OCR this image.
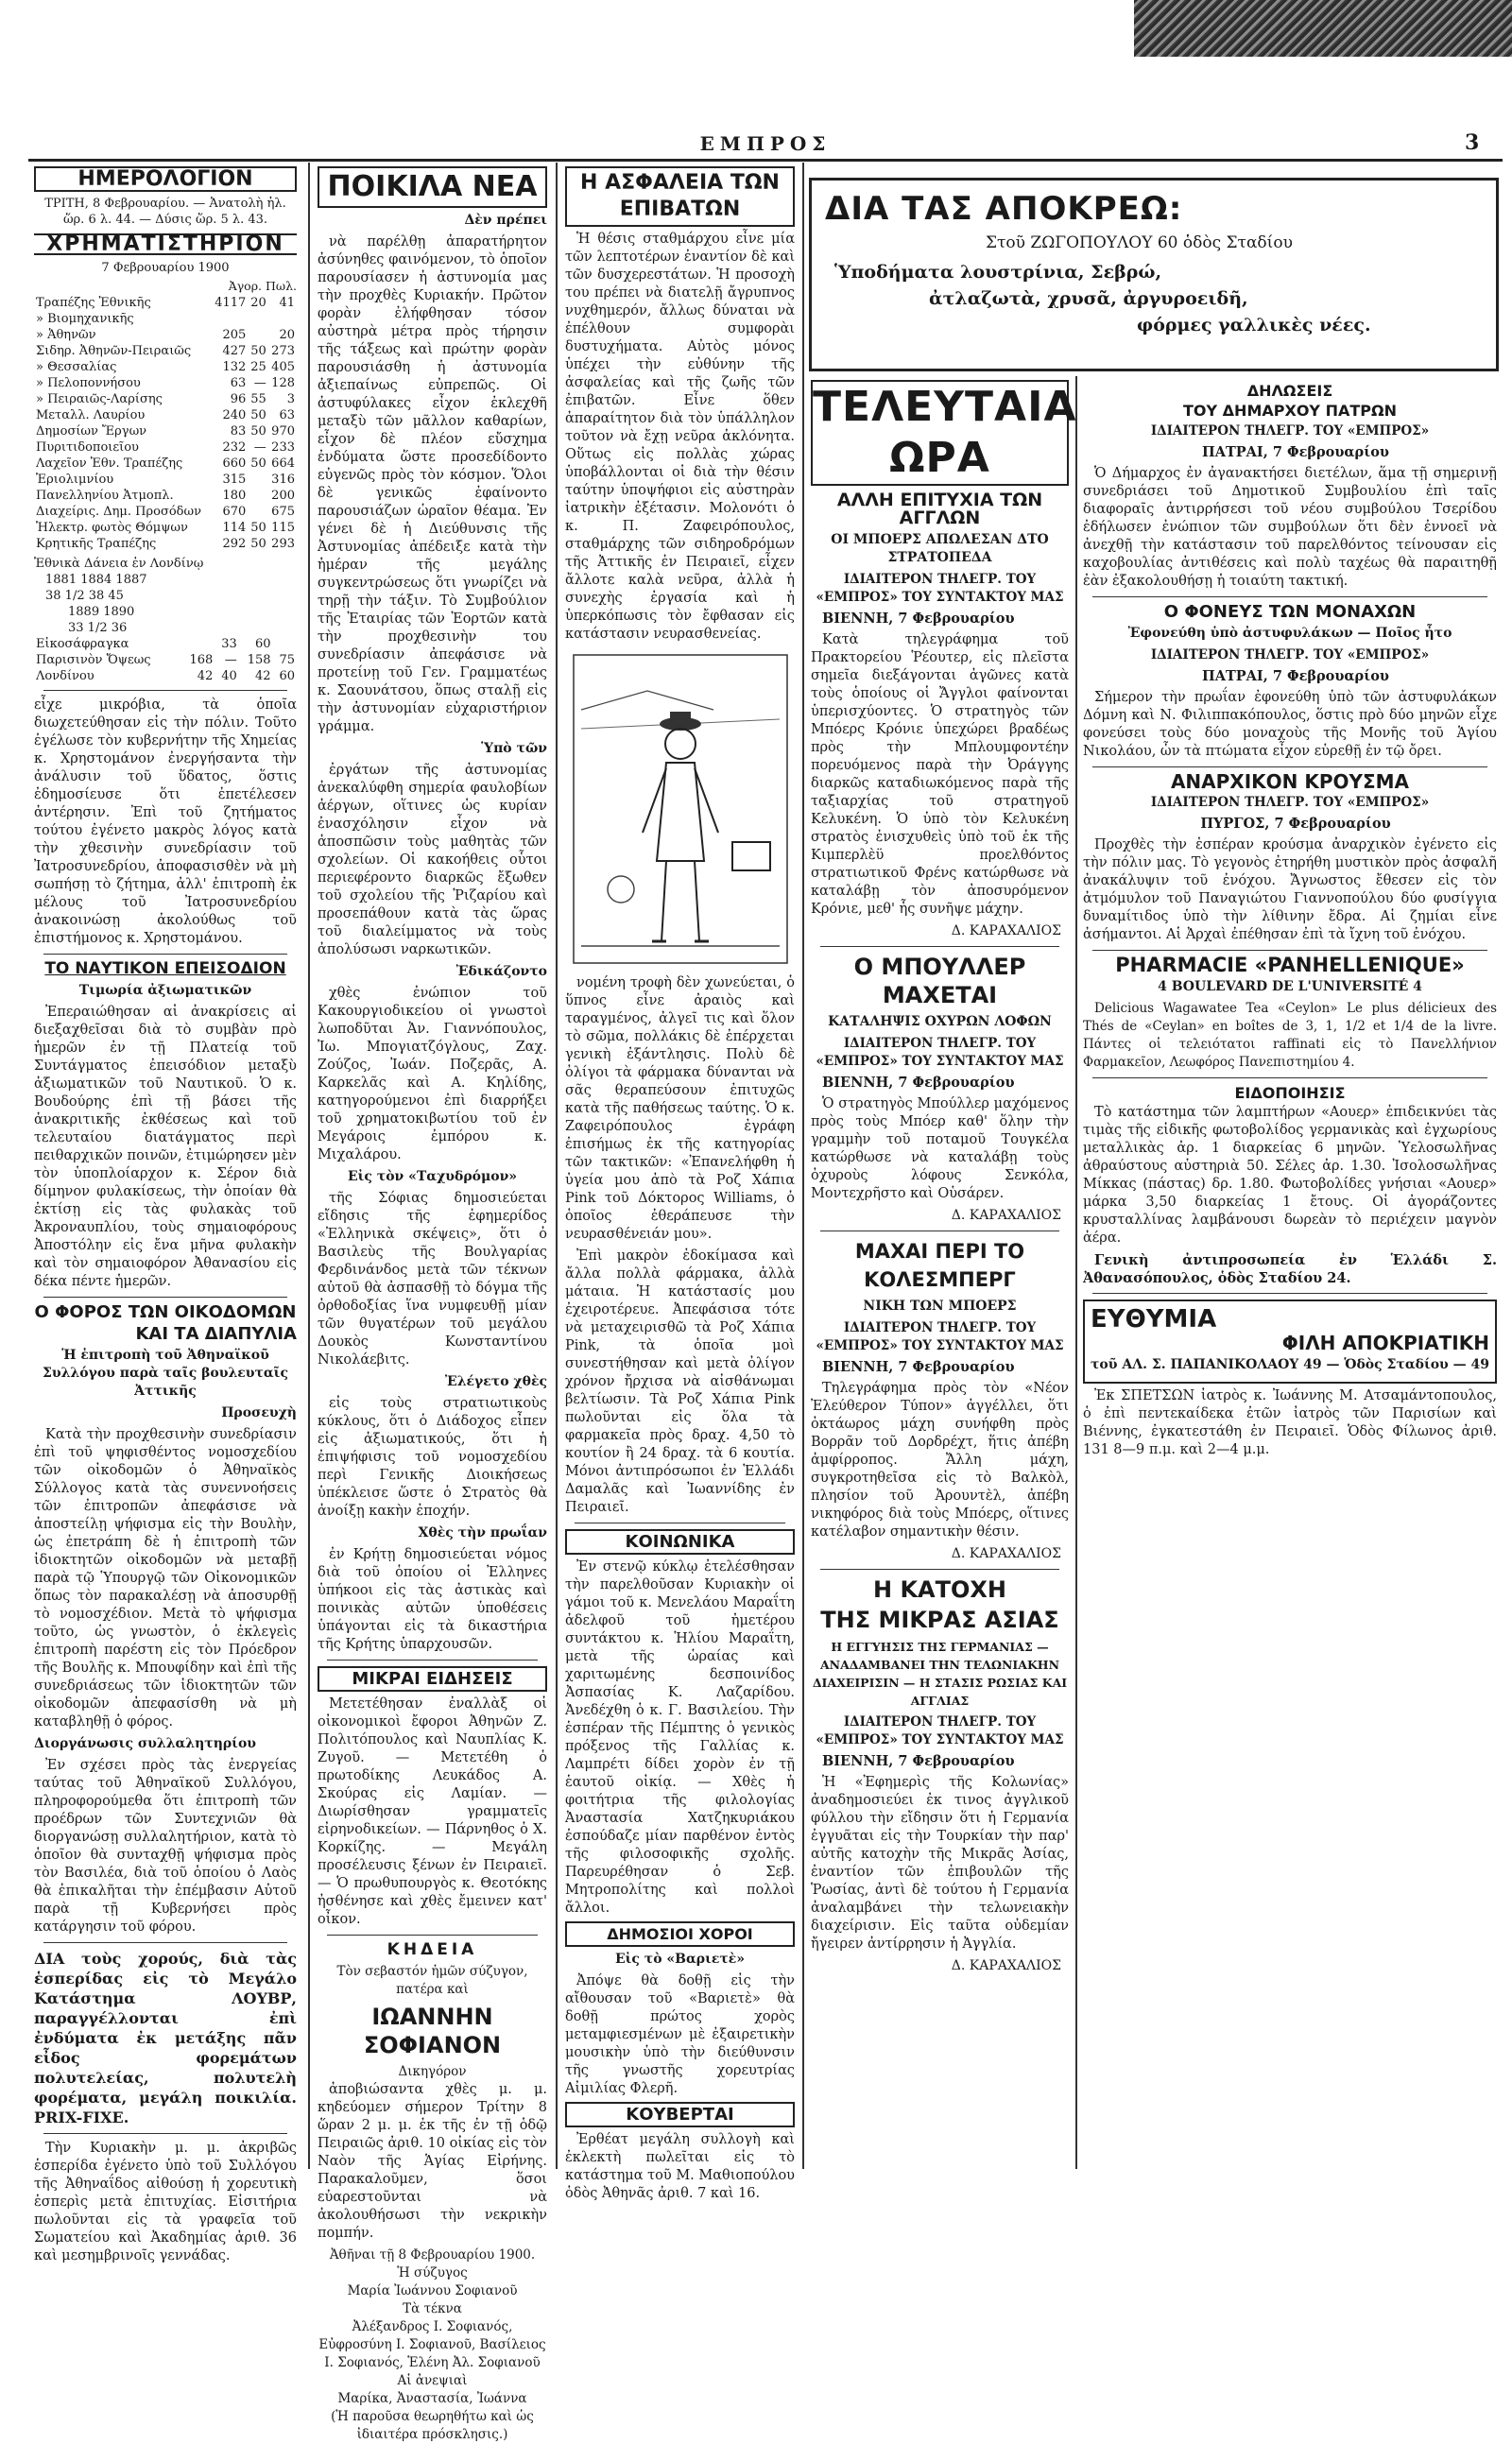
ΕΜΠΡΟΣ	3
ΗΜΕΡΟΛΟΓΙΟΝ
ΤΡΙΤΗ, 8 Φεβρουαρίου. — Ἀνατολὴ ἡλ. ὥρ. 6 λ. 44. — Δύσις ὥρ. 5 λ. 43.
ΧΡΗΜΑΤΙΣΤΗΡΙΟΝ
7 Φεβρουαρίου 1900
Ἀγορ. Πωλ.
Τραπέζης Ἐθνικῆς	4117	20	41
» Βιομηχανικῆς			
» Ἀθηνῶν	205		20
Σιδηρ. Ἀθηνῶν-Πειραιῶς	427	50	273
» Θεσσαλίας	132	25	405
» Πελοποννήσου	63	—	128
» Πειραιῶς-Λαρίσης	96	55	3
Μεταλλ. Λαυρίου	240	50	63
Δημοσίων Ἔργων	83	50	970
Πυριτιδοποιεῖου	232	—	233
Λαχεῖον Ἐθν. Τραπέζης	660	50	664
Ἐριολιμνίου	315		316
Πανελληνίου Ἀτμοπλ.	180		200
Διαχείρις. Δημ. Προσόδων	670		675
Ἠλεκτρ. φωτὸς Θόμψων	114	50	115
Κρητικῆς Τραπέζης	292	50	293
Ἐθνικὰ Δάνεια ἐν Λονδίνῳ
1881 1884 1887
38 1/2 38 45
1889 1890
33 1/2 36
Εἰκοσάφραγκα		33	60	
Παρισινὸν Ὄψεως	168	—	158	75
Λονδίνου	42	40	42	60
εἶχε μικρόβια, τὰ ὁποῖα διωχετεύθησαν εἰς τὴν πόλιν. Τοῦτο ἐγέλωσε τὸν κυβερνήτην τῆς Χημείας κ. Χρηστομάνον ἐνεργήσαντα τὴν ἀνάλυσιν τοῦ ὕδατος, ὅστις ἐδημοσίευσε ὅτι ἐπετέλεσεν ἀντέρησιν. Ἐπὶ τοῦ ζητήματος τούτου ἐγένετο μακρὸς λόγος κατὰ τὴν χθεσινὴν συνεδρίασιν τοῦ Ἰατροσυνεδρίου, ἀποφασισθὲν νὰ μὴ σωπήσῃ τὸ ζήτημα, ἀλλ' ἐπιτροπὴ ἐκ μέλους τοῦ Ἰατροσυνεδρίου ἀνακοινώσῃ ἀκολούθως τοῦ ἐπιστήμονος κ. Χρηστομάνου.
ΤΟ ΝΑΥΤΙΚΟΝ ΕΠΕΙΣΟΔΙΟΝ
Τιμωρία ἀξιωματικῶν
Ἐπεραιώθησαν αἱ ἀνακρίσεις αἱ διεξαχθεῖσαι διὰ τὸ συμβὰν πρὸ ἡμερῶν ἐν τῇ Πλατείᾳ τοῦ Συντάγματος ἐπεισόδιον μεταξὺ ἀξιωματικῶν τοῦ Ναυτικοῦ. Ὁ κ. Βουδούρης ἐπὶ τῇ βάσει τῆς ἀνακριτικῆς ἐκθέσεως καὶ τοῦ τελευταίου διατάγματος περὶ πειθαρχικῶν ποινῶν, ἐτιμώρησεν μὲν τὸν ὑποπλοίαρχον κ. Σέρον διὰ δίμηνον φυλακίσεως, τὴν ὁποίαν θὰ ἐκτίσῃ εἰς τὰς φυλακὰς τοῦ Ἀκροναυπλίου, τοὺς σημαιοφόρους Ἀποστόλην εἰς ἔνα μῆνα φυλακὴν καὶ τὸν σημαιοφόρον Ἀθανασίου εἰς δέκα πέντε ἡμερῶν.
Ο ΦΟΡΟΣ ΤΩΝ ΟΙΚΟΔΟΜΩΝ
ΚΑΙ ΤΑ ΔΙΑΠΥΛΙΑ
Ἡ ἐπιτροπὴ τοῦ Ἀθηναϊκοῦ Συλλόγου παρὰ ταῖς βουλευταῖς Ἀττικῆς
Προσευχὴ
Κατὰ τὴν προχθεσινὴν συνεδρίασιν ἐπὶ τοῦ ψηφισθέντος νομοσχεδίου τῶν οἰκοδομῶν ὁ Ἀθηναϊκὸς Σύλλογος κατὰ τὰς συνεννοήσεις τῶν ἐπιτροπῶν ἀπεφάσισε νὰ ἀποστείλῃ ψήφισμα εἰς τὴν Βουλὴν, ὡς ἐπετράπη δὲ ἡ ἐπιτροπὴ τῶν ἰδιοκτητῶν οἰκοδομῶν νὰ μεταβῇ παρὰ τῷ Ὑπουργῷ τῶν Οἰκονομικῶν ὅπως τὸν παρακαλέσῃ νὰ ἀποσυρθῇ τὸ νομοσχέδιον. Μετὰ τὸ ψήφισμα τοῦτο, ὡς γνωστὸν, ὁ ἐκλεγεὶς ἐπιτροπὴ παρέστη εἰς τὸν Πρόεδρον τῆς Βουλῆς κ. Μπουφίδην καὶ ἐπὶ τῆς συνεδριάσεως τῶν ἰδιοκτητῶν τῶν οἰκοδομῶν ἀπεφασίσθη νὰ μὴ καταβληθῇ ὁ φόρος.
Διοργάνωσις συλλαλητηρίου
Ἐν σχέσει πρὸς τὰς ἐνεργείας ταύτας τοῦ Ἀθηναϊκοῦ Συλλόγου, πληροφορούμεθα ὅτι ἐπιτροπὴ τῶν προέδρων τῶν Συντεχνιῶν θὰ διοργανώσῃ συλλαλητήριον, κατὰ τὸ ὁποῖον θὰ συνταχθῇ ψήφισμα πρὸς τὸν Βασιλέα, διὰ τοῦ ὁποίου ὁ Λαὸς θὰ ἐπικαλῆται τὴν ἐπέμβασιν Αὐτοῦ παρὰ τῇ Κυβερνήσει πρὸς κατάργησιν τοῦ φόρου.
ΔΙΑ τοὺς χορούς, διὰ τὰς ἑσπερίδας εἰς τὸ Μεγάλο Κατάστημα ΛΟΥΒΡ, παραγγέλλονται ἐπὶ ἐνδύματα ἐκ μετάξης πᾶν εἶδος φορεμάτων πολυτελείας, πολυτελὴ φορέματα, μεγάλη ποικιλία. PRIX-FIXE.
Τὴν Κυριακὴν μ. μ. ἀκριβῶς ἑσπερίδα ἐγένετο ὑπὸ τοῦ Συλλόγου τῆς Ἀθηναΐδος αἰθούσῃ ἡ χορευτικὴ ἑσπερὶς μετὰ ἐπιτυχίας. Εἰσιτήρια πωλοῦνται εἰς τὰ γραφεῖα τοῦ Σωματείου καὶ Ἀκαδημίας ἀριθ. 36 καὶ μεσημβρινοῖς γεννάδας.
ΠΟΙΚΙΛΑ ΝΕΑ
Δὲν πρέπει
νὰ παρέλθῃ ἀπαρατήρητον ἀσύνηθες φαινόμενον, τὸ ὁποῖον παρουσίασεν ἡ ἀστυνομία μας τὴν προχθὲς Κυριακήν. Πρῶτον φορὰν ἐλήφθησαν τόσον αὐστηρὰ μέτρα πρὸς τήρησιν τῆς τάξεως καὶ πρώτην φορὰν παρουσιάσθη ἡ ἀστυνομία ἀξιεπαίνως εὐπρεπῶς. Οἱ ἀστυφύλακες εἶχον ἐκλεχθῆ μεταξὺ τῶν μᾶλλον καθαρίων, εἶχον δὲ πλέον εὔσχημα ἐνδύματα ὥστε προσεδίδοντο εὐγενῶς πρὸς τὸν κόσμον. Ὅλοι δὲ γενικῶς ἐφαίνοντο παρουσιάζων ὡραῖον θέαμα. Ἐν γένει δὲ ἡ Διεύθυνσις τῆς Ἀστυνομίας ἀπέδειξε κατὰ τὴν ἡμέραν τῆς μεγάλης συγκεντρώσεως ὅτι γνωρίζει νὰ τηρῇ τὴν τάξιν. Τὸ Συμβούλιον τῆς Ἑταιρίας τῶν Ἑορτῶν κατὰ τὴν προχθεσινὴν του συνεδρίασιν ἀπεφάσισε νὰ προτείνῃ τοῦ Γεν. Γραμματέως κ. Σαουνάτσου, ὅπως σταλῇ εἰς τὴν ἀστυνομίαν εὐχαριστήριον γράμμα.
Ὑπὸ τῶν
ἐργάτων τῆς ἀστυνομίας ἀνεκαλύφθη σημερία φαυλοβίων ἀέργων, οἵτινες ὡς κυρίαν ἐνασχόλησιν εἶχον νὰ ἀποσπῶσιν τοὺς μαθητὰς τῶν σχολείων. Οἱ κακοήθεις οὗτοι περιεφέροντο διαρκῶς ἔξωθεν τοῦ σχολείου τῆς Ῥιζαρίου καὶ προσεπάθουν κατὰ τὰς ὥρας τοῦ διαλείμματος νὰ τοὺς ἀπολύσωσι ναρκωτικῶν.
Ἐδικάζοντο
χθὲς ἐνώπιον τοῦ Κακουργιοδικείου οἱ γνωστοὶ λωποδῦται Ἀν. Γιαννόπουλος, Ἰω. Μπογιατζόγλους, Ζαχ. Ζούζος, Ἰωάν. Ποζερᾶς, Α. Καρκελᾶς καὶ Α. Κηλίδης, κατηγορούμενοι ἐπὶ διαρρήξει τοῦ χρηματοκιβωτίου τοῦ ἐν Μεγάροις ἐμπόρου κ. Μιχαλάρου.
Εἰς τὸν «Ταχυδρόμον»
τῆς Σόφιας δημοσιεύεται εἴδησις τῆς ἐφημερίδος «Ἐλληνικὰ σκέψεις», ὅτι ὁ Βασιλεὺς τῆς Βουλγαρίας Φερδινάνδος μετὰ τῶν τέκνων αὐτοῦ θὰ ἀσπασθῇ τὸ δόγμα τῆς ὀρθοδοξίας ἵνα νυμφευθῇ μίαν τῶν θυγατέρων τοῦ μεγάλου Δουκὸς Κωνσταντίνου Νικολάεβιτς.
Ἐλέγετο χθὲς
εἰς τοὺς στρατιωτικοὺς κύκλους, ὅτι ὁ Διάδοχος εἶπεν εἰς ἀξιωματικούς, ὅτι ἡ ἐπιψήφισις τοῦ νομοσχεδίου περὶ Γενικῆς Διοικήσεως ὑπέκλεισε ὥστε ὁ Στρατὸς θὰ ἀνοίξῃ κακὴν ἐποχήν.
Χθὲς τὴν πρωΐαν
ἐν Κρήτῃ δημοσιεύεται νόμος διὰ τοῦ ὁποίου οἱ Ἐλληνες ὑπήκοοι εἰς τὰς ἀστικὰς καὶ ποινικὰς αὐτῶν ὑποθέσεις ὑπάγονται εἰς τὰ δικαστήρια τῆς Κρήτης ὑπαρχουσῶν.
ΜΙΚΡΑΙ ΕΙΔΗΣΕΙΣ
Μετετέθησαν ἐναλλὰξ οἱ οἰκονομικοὶ ἔφοροι Ἀθηνῶν Ζ. Πολιτόπουλος καὶ Ναυπλίας Κ. Ζυγοῦ. — Μετετέθη ὁ πρωτοδίκης Λευκάδος Α. Σκούρας εἰς Λαμίαν. — Διωρίσθησαν γραμματεῖς εἰρηνοδικείων. — Πάρνηθος ὁ Χ. Κορκίζης. — Μεγάλη προσέλευσις ξένων ἐν Πειραιεῖ. — Ὁ πρωθυπουργὸς κ. Θεοτόκης ἠσθένησε καὶ χθὲς ἔμεινεν κατ' οἶκον.
ΚΗΔΕΙΑ
Τὸν σεβαστόν ἡμῶν σύζυγον, πατέρα καὶ
ΙΩΑΝΝΗΝ ΣΟΦΙΑΝΟΝ
Δικηγόρον
ἀποβιώσαντα χθὲς μ. μ. κηδεύομεν σήμερον Τρίτην 8 ὥραν 2 μ. μ. ἐκ τῆς ἐν τῇ ὁδῷ Πειραιῶς ἀριθ. 10 οἰκίας εἰς τὸν Ναὸν τῆς Ἁγίας Εἰρήνης. Παρακαλοῦμεν, ὅσοι εὐαρεστοῦνται νὰ ἀκολουθήσωσι τὴν νεκρικὴν πομπήν.
Ἀθῆναι τῇ 8 Φεβρουαρίου 1900.
Ἡ σύζυγος
Μαρία Ἰωάννου Σοφιανοῦ
Τὰ τέκνα
Ἀλέξανδρος Ι. Σοφιανός, Εὐφροσύνη Ι. Σοφιανοῦ, Βασίλειος Ι. Σοφιανός, Ἑλένη Ἀλ. Σοφιανοῦ
Αἱ ἀνεψιαὶ
Μαρίκα, Ἀναστασία, Ἰωάννα
(Ἡ παροῦσα θεωρηθήτω καὶ ὡς ἰδιαιτέρα πρόσκλησις.)
Η ΑΣΦΑΛΕΙΑ ΤΩΝ ΕΠΙΒΑΤΩΝ
Ἡ θέσις σταθμάρχου εἶνε μία τῶν λεπτοτέρων ἐναντίον δὲ καὶ τῶν δυσχερεστάτων. Ἡ προσοχὴ του πρέπει νὰ διατελῇ ἄγρυπνος νυχθημερόν, ἄλλως δύναται νὰ ἐπέλθουν συμφορὰι δυστυχήματα. Αὐτὸς μόνος ὑπέχει τὴν εὐθύνην τῆς ἀσφαλείας καὶ τῆς ζωῆς τῶν ἐπιβατῶν. Εἶνε ὅθεν ἀπαραίτητον διὰ τὸν ὑπάλληλον τοῦτον νὰ ἔχῃ νεῦρα ἀκλόνητα. Οὕτως εἰς πολλὰς χώρας ὑποβάλλονται οἱ διὰ τὴν θέσιν ταύτην ὑποψήφιοι εἰς αὐστηρὰν ἰατρικὴν ἐξέτασιν. Μολονότι ὁ κ. Π. Ζαφειρόπουλος, σταθμάρχης τῶν σιδηροδρόμων τῆς Ἀττικῆς ἐν Πειραιεῖ, εἶχεν ἄλλοτε καλὰ νεῦρα, ἀλλὰ ἡ συνεχὴς ἐργασία καὶ ἡ ὑπερκόπωσις τὸν ἔφθασαν εἰς κατάστασιν νευρασθενείας.
νομένη τροφὴ δὲν χωνεύεται, ὁ ὕπνος εἶνε ἀραιὸς καὶ ταραγμένος, ἀλγεῖ τις καὶ ὅλον τὸ σῶμα, πολλάκις δὲ ἐπέρχεται γενικὴ ἐξάντλησις. Πολὺ δὲ ὀλίγοι τὰ φάρμακα δύνανται νὰ σᾶς θεραπεύσουν ἐπιτυχῶς κατὰ τῆς παθήσεως ταύτης. Ὁ κ. Ζαφειρόπουλος ἐγράφη ἐπισήμως ἐκ τῆς κατηγορίας τῶν τακτικῶν: «Ἐπανελήφθη ἡ ὑγεία μου ἀπὸ τὰ Ροζ Χάπια Pink τοῦ Δόκτορος Williams, ὁ ὁποῖος ἐθεράπευσε τὴν νευρασθένειάν μου».
Ἐπὶ μακρὸν ἐδοκίμασα καὶ ἄλλα πολλὰ φάρμακα, ἀλλὰ μάταια. Ἡ κατάστασίς μου ἐχειροτέρευε. Ἀπεφάσισα τότε νὰ μεταχειρισθῶ τὰ Ροζ Χάπια Pink, τὰ ὁποῖα μοὶ συνεστήθησαν καὶ μετὰ ὀλίγον χρόνον ἤρχισα νὰ αἰσθάνωμαι βελτίωσιν. Τὰ Ροζ Χάπια Pink πωλοῦνται εἰς ὅλα τὰ φαρμακεῖα πρὸς δραχ. 4,50 τὸ κουτίον ἢ 24 δραχ. τὰ 6 κουτία. Μόνοι ἀντιπρόσωποι ἐν Ἑλλάδι Δαμαλᾶς καὶ Ἰωαννίδης ἐν Πειραιεῖ.
ΚΟΙΝΩΝΙΚΑ
Ἐν στενῷ κύκλῳ ἐτελέσθησαν τὴν παρελθοῦσαν Κυριακὴν οἱ γάμοι τοῦ κ. Μενελάου Μαραΐτη ἀδελφοῦ τοῦ ἡμετέρου συντάκτου κ. Ἡλίου Μαραΐτη, μετὰ τῆς ὡραίας καὶ χαριτωμένης δεσποινίδος Ἀσπασίας Κ. Λαζαρίδου. Ἀνεδέχθη ὁ κ. Γ. Βασιλείου. Τὴν ἑσπέραν τῆς Πέμπτης ὁ γενικὸς πρόξενος τῆς Γαλλίας κ. Λαμπρέτι δίδει χορὸν ἐν τῇ ἑαυτοῦ οἰκίᾳ. — Χθὲς ἡ φοιτήτρια τῆς φιλολογίας Ἀναστασία Χατζηκυριάκου ἐσπούδαζε μίαν παρθένον ἐντὸς τῆς φιλοσοφικῆς σχολῆς. Παρευρέθησαν ὁ Σεβ. Μητροπολίτης καὶ πολλοὶ ἄλλοι.
ΔΗΜΟΣΙΟΙ ΧΟΡΟΙ
Εἰς τὸ «Βαριετὲ»
Ἀπόψε θὰ δοθῇ εἰς τὴν αἴθουσαν τοῦ «Βαριετὲ» θὰ δοθῇ πρώτος χορὸς μεταμφιεσμένων μὲ ἐξαιρετικὴν μουσικὴν ὑπὸ τὴν διεύθυνσιν τῆς γνωστῆς χορευτρίας Αἰμιλίας Φλερῆ.
ΚΟΥΒΕΡΤΑΙ
Ἐρθέατ μεγάλη συλλογὴ καὶ ἐκλεκτὴ πωλεῖται εἰς τὸ κατάστημα τοῦ Μ. Μαθιοπούλου ὁδὸς Ἀθηνᾶς ἀριθ. 7 καὶ 16.
ΔΙΑ ΤΑΣ ΑΠΟΚΡΕΩ:
Στοῦ ΖΩΓΟΠΟΥΛΟΥ 60 ὁδὸς Σταδίου
Ὑποδήματα λουστρίνια, Σεβρώ,
ἀτλαζωτὰ, χρυσᾶ, ἀργυροειδῆ,
φόρμες γαλλικὲς νέες.
ΤΕΛΕΥΤΑΙΑ ΩΡΑ
ΑΛΛΗ ΕΠΙΤΥΧΙΑ ΤΩΝ ΑΓΓΛΩΝ
ΟΙ ΜΠΟΕΡΣ ΑΠΩΛΕΣΑΝ ΔΤΟ ΣΤΡΑΤΟΠΕΔΑ
ΙΔΙΑΙΤΕΡΟΝ ΤΗΛΕΓΡ. ΤΟΥ «ΕΜΠΡΟΣ» ΤΟΥ ΣΥΝΤΑΚΤΟΥ ΜΑΣ
ΒΙΕΝΝΗ, 7 Φεβρουαρίου
Κατὰ τηλεγράφημα τοῦ Πρακτορείου Ῥέουτερ, εἰς πλεῖστα σημεῖα διεξάγονται ἀγῶνες κατὰ τοὺς ὁποίους οἱ Ἄγγλοι φαίνονται ὑπερισχύοντες. Ὁ στρατηγὸς τῶν Μπόερς Κρόνιε ὑπεχώρει βραδέως πρὸς τὴν Μπλουμφοντέην πορευόμενος παρὰ τὴν Ὀράγγης διαρκῶς καταδιωκόμενος παρὰ τῆς ταξιαρχίας τοῦ στρατηγοῦ Κελυκένη. Ὁ ὑπὸ τὸν Κελυκένη στρατὸς ἐνισχυθεὶς ὑπὸ τοῦ ἐκ τῆς Κιμπερλὲϋ προελθόντος στρατιωτικοῦ Φρένς κατώρθωσε νὰ καταλάβῃ τὸν ἀποσυρόμενον Κρόνιε, μεθ' ἧς συνῆψε μάχην.
Δ. ΚΑΡΑΧΑΛΙΟΣ
Ο ΜΠΟΥΛΛΕΡ ΜΑΧΕΤΑΙ
ΚΑΤΑΛΗΨΙΣ ΟΧΥΡΩΝ ΛΟΦΩΝ
ΙΔΙΑΙΤΕΡΟΝ ΤΗΛΕΓΡ. ΤΟΥ «ΕΜΠΡΟΣ» ΤΟΥ ΣΥΝΤΑΚΤΟΥ ΜΑΣ
ΒΙΕΝΝΗ, 7 Φεβρουαρίου
Ὁ στρατηγὸς Μπούλλερ μαχόμενος πρὸς τοὺς Μπόερ καθ' ὅλην τὴν γραμμὴν τοῦ ποταμοῦ Τουγκέλα κατώρθωσε νὰ καταλάβῃ τοὺς ὀχυροὺς λόφους Σενκόλα, Μοντεχρῆστο καὶ Οὑσάρεν.
Δ. ΚΑΡΑΧΑΛΙΟΣ
ΜΑΧΑΙ ΠΕΡΙ ΤΟ ΚΟΛΕΣΜΠΕΡΓ
ΝΙΚΗ ΤΩΝ ΜΠΟΕΡΣ
ΙΔΙΑΙΤΕΡΟΝ ΤΗΛΕΓΡ. ΤΟΥ «ΕΜΠΡΟΣ» ΤΟΥ ΣΥΝΤΑΚΤΟΥ ΜΑΣ
ΒΙΕΝΝΗ, 7 Φεβρουαρίου
Τηλεγράφημα πρὸς τὸν «Νέον Ἐλεύθερον Τύπον» ἀγγέλλει, ὅτι ὀκτάωρος μάχη συνήφθη πρὸς Βορρᾶν τοῦ Δορδρέχτ, ἥτις ἀπέβη ἀμφίρροπος. Ἄλλη μάχη, συγκροτηθεῖσα εἰς τὸ Βαλκὸλ, πλησίον τοῦ Ἀρουντὲλ, ἀπέβη νικηφόρος διὰ τοὺς Μπόερς, οἵτινες κατέλαβον σημαντικὴν θέσιν.
Δ. ΚΑΡΑΧΑΛΙΟΣ
Η ΚΑΤΟΧΗ
ΤΗΣ ΜΙΚΡΑΣ ΑΣΙΑΣ
Η ΕΓΓΥΗΣΙΣ ΤΗΣ ΓΕΡΜΑΝΙΑΣ — ΑΝΑΔΑΜΒΑΝΕΙ ΤΗΝ ΤΕΛΩΝΙΑΚΗΝ ΔΙΑΧΕΙΡΙΣΙΝ — Η ΣΤΑΣΙΣ ΡΩΣΙΑΣ ΚΑΙ ΑΓΓΛΙΑΣ
ΙΔΙΑΙΤΕΡΟΝ ΤΗΛΕΓΡ. ΤΟΥ «ΕΜΠΡΟΣ» ΤΟΥ ΣΥΝΤΑΚΤΟΥ ΜΑΣ
ΒΙΕΝΝΗ, 7 Φεβρουαρίου
Ἡ «Ἐφημερὶς τῆς Κολωνίας» ἀναδημοσιεύει ἐκ τινος ἀγγλικοῦ φύλλου τὴν εἴδησιν ὅτι ἡ Γερμανία ἐγγυᾶται εἰς τὴν Τουρκίαν τὴν παρ' αὐτῆς κατοχὴν τῆς Μικρᾶς Ἀσίας, ἐναντίον τῶν ἐπιβουλῶν τῆς Ῥωσίας, ἀντὶ δὲ τούτου ἡ Γερμανία ἀναλαμβάνει τὴν τελωνειακὴν διαχείρισιν. Εἰς ταῦτα οὐδεμίαν ἤγειρεν ἀντίρρησιν ἡ Ἀγγλία.
Δ. ΚΑΡΑΧΑΛΙΟΣ
ΔΗΛΩΣΕΙΣ
ΤΟΥ ΔΗΜΑΡΧΟΥ ΠΑΤΡΩΝ
ΙΔΙΑΙΤΕΡΟΝ ΤΗΛΕΓΡ. ΤΟΥ «ΕΜΠΡΟΣ»
ΠΑΤΡΑΙ, 7 Φεβρουαρίου
Ὁ Δήμαρχος ἐν ἀγανακτήσει διετέλων, ἅμα τῇ σημερινῇ συνεδριάσει τοῦ Δημοτικοῦ Συμβουλίου ἐπὶ ταῖς διαφοραῖς ἀντιρρήσεσι τοῦ νέου συμβούλου Τσερίδου ἐδήλωσεν ἐνώπιον τῶν συμβούλων ὅτι δὲν ἐννοεῖ νὰ ἀνεχθῇ τὴν κατάστασιν τοῦ παρελθόντος τείνουσαν εἰς καχοβουλίας ἀντιθέσεις καὶ πολὺ ταχέως θὰ παραιτηθῇ ἐὰν ἐξακολουθήσῃ ἡ τοιαύτη τακτική.
Ο ΦΟΝΕΥΣ ΤΩΝ ΜΟΝΑΧΩΝ
Ἐφονεύθη ὑπὸ ἀστυφυλάκων — Ποῖος ἦτο
ΙΔΙΑΙΤΕΡΟΝ ΤΗΛΕΓΡ. ΤΟΥ «ΕΜΠΡΟΣ»
ΠΑΤΡΑΙ, 7 Φεβρουαρίου
Σήμερον τὴν πρωΐαν ἐφονεύθη ὑπὸ τῶν ἀστυφυλάκων Δόμνη καὶ Ν. Φιλιππακόπουλος, ὅστις πρὸ δύο μηνῶν εἶχε φονεύσει τοὺς δύο μοναχοὺς τῆς Μονῆς τοῦ Ἁγίου Νικολάου, ὧν τὰ πτώματα εἶχον εὑρεθῇ ἐν τῷ ὄρει.
ΑΝΑΡΧΙΚΟΝ ΚΡΟΥΣΜΑ
ΙΔΙΑΙΤΕΡΟΝ ΤΗΛΕΓΡ. ΤΟΥ «ΕΜΠΡΟΣ»
ΠΥΡΓΟΣ, 7 Φεβρουαρίου
Προχθὲς τὴν ἑσπέραν κρούσμα ἀναρχικὸν ἐγένετο εἰς τὴν πόλιν μας. Τὸ γεγονὸς ἐτηρήθη μυστικὸν πρὸς ἀσφαλῆ ἀνακάλυψιν τοῦ ἐνόχου. Ἄγνωστος ἔθεσεν εἰς τὸν ἀτμόμυλον τοῦ Παναγιώτου Γιαννοπούλου δύο φυσίγγια δυναμίτιδος ὑπὸ τὴν λίθινην ἔδρα. Αἱ ζημίαι εἶνε ἀσήμαντοι. Αἱ Ἀρχαὶ ἐπέθησαν ἐπὶ τὰ ἴχνη τοῦ ἐνόχου.
PHARMACIE «PANHELLENIQUE»
4 BOULEVARD DE L'UNIVERSITÉ 4
Delicious Wagawatee Tea «Ceylon» Le plus délicieux des Thés de «Ceylan» en boîtes de 3, 1, 1/2 et 1/4 de la livre. Πάντες οἱ τελειότατοι raffinati εἰς τὸ Πανελλήνιον Φαρμακεῖον, Λεωφόρος Πανεπιστημίου 4.
ΕΙΔΟΠΟΙΗΣΙΣ
Τὸ κατάστημα τῶν λαμπτήρων «Αουερ» ἐπιδεικνύει τὰς τιμὰς τῆς εἰδικῆς φωτοβολίδος γερμανικὰς καὶ ἐγχωρίους μεταλλικὰς ἀρ. 1 διαρκείας 6 μηνῶν. Ὑελοσωλῆνας ἀθραύστους αὐστηριὰ 50. Σέλες ἀρ. 1.30. Ἰσολοσωλῆνας Μίκκας (πάστας) δρ. 1.80. Φωτοβολίδες γνήσιαι «Αουερ» μάρκα 3,50 διαρκείας 1 ἔτους. Οἱ ἀγοράζοντες κρυσταλλίνας λαμβάνουσι δωρεὰν τὸ περιέχειν μαγνὸν ἀέρα.
Γενικὴ ἀντιπροσωπεία ἐν Ἑλλάδι Σ. Ἀθανασόπουλος, ὁδὸς Σταδίου 24.
ΕΥΘΥΜΙΑ
ΦΙΛΗ ΑΠΟΚΡΙΑΤΙΚΗ
τοῦ ΑΛ. Σ. ΠΑΠΑΝΙΚΟΛΑΟΥ 49 — Ὁδὸς Σταδίου — 49
Ἐκ ΣΠΕΤΣΩΝ ἰατρὸς κ. Ἰωάννης Μ. Ατσαμάντοπουλος, ὁ ἐπὶ πεντεκαίδεκα ἐτῶν ἰατρὸς τῶν Παρισίων καὶ Βιέννης, ἐγκατεστάθη ἐν Πειραιεῖ. Ὁδὸς Φίλωνος ἀριθ. 131 8—9 π.μ. καὶ 2—4 μ.μ.
